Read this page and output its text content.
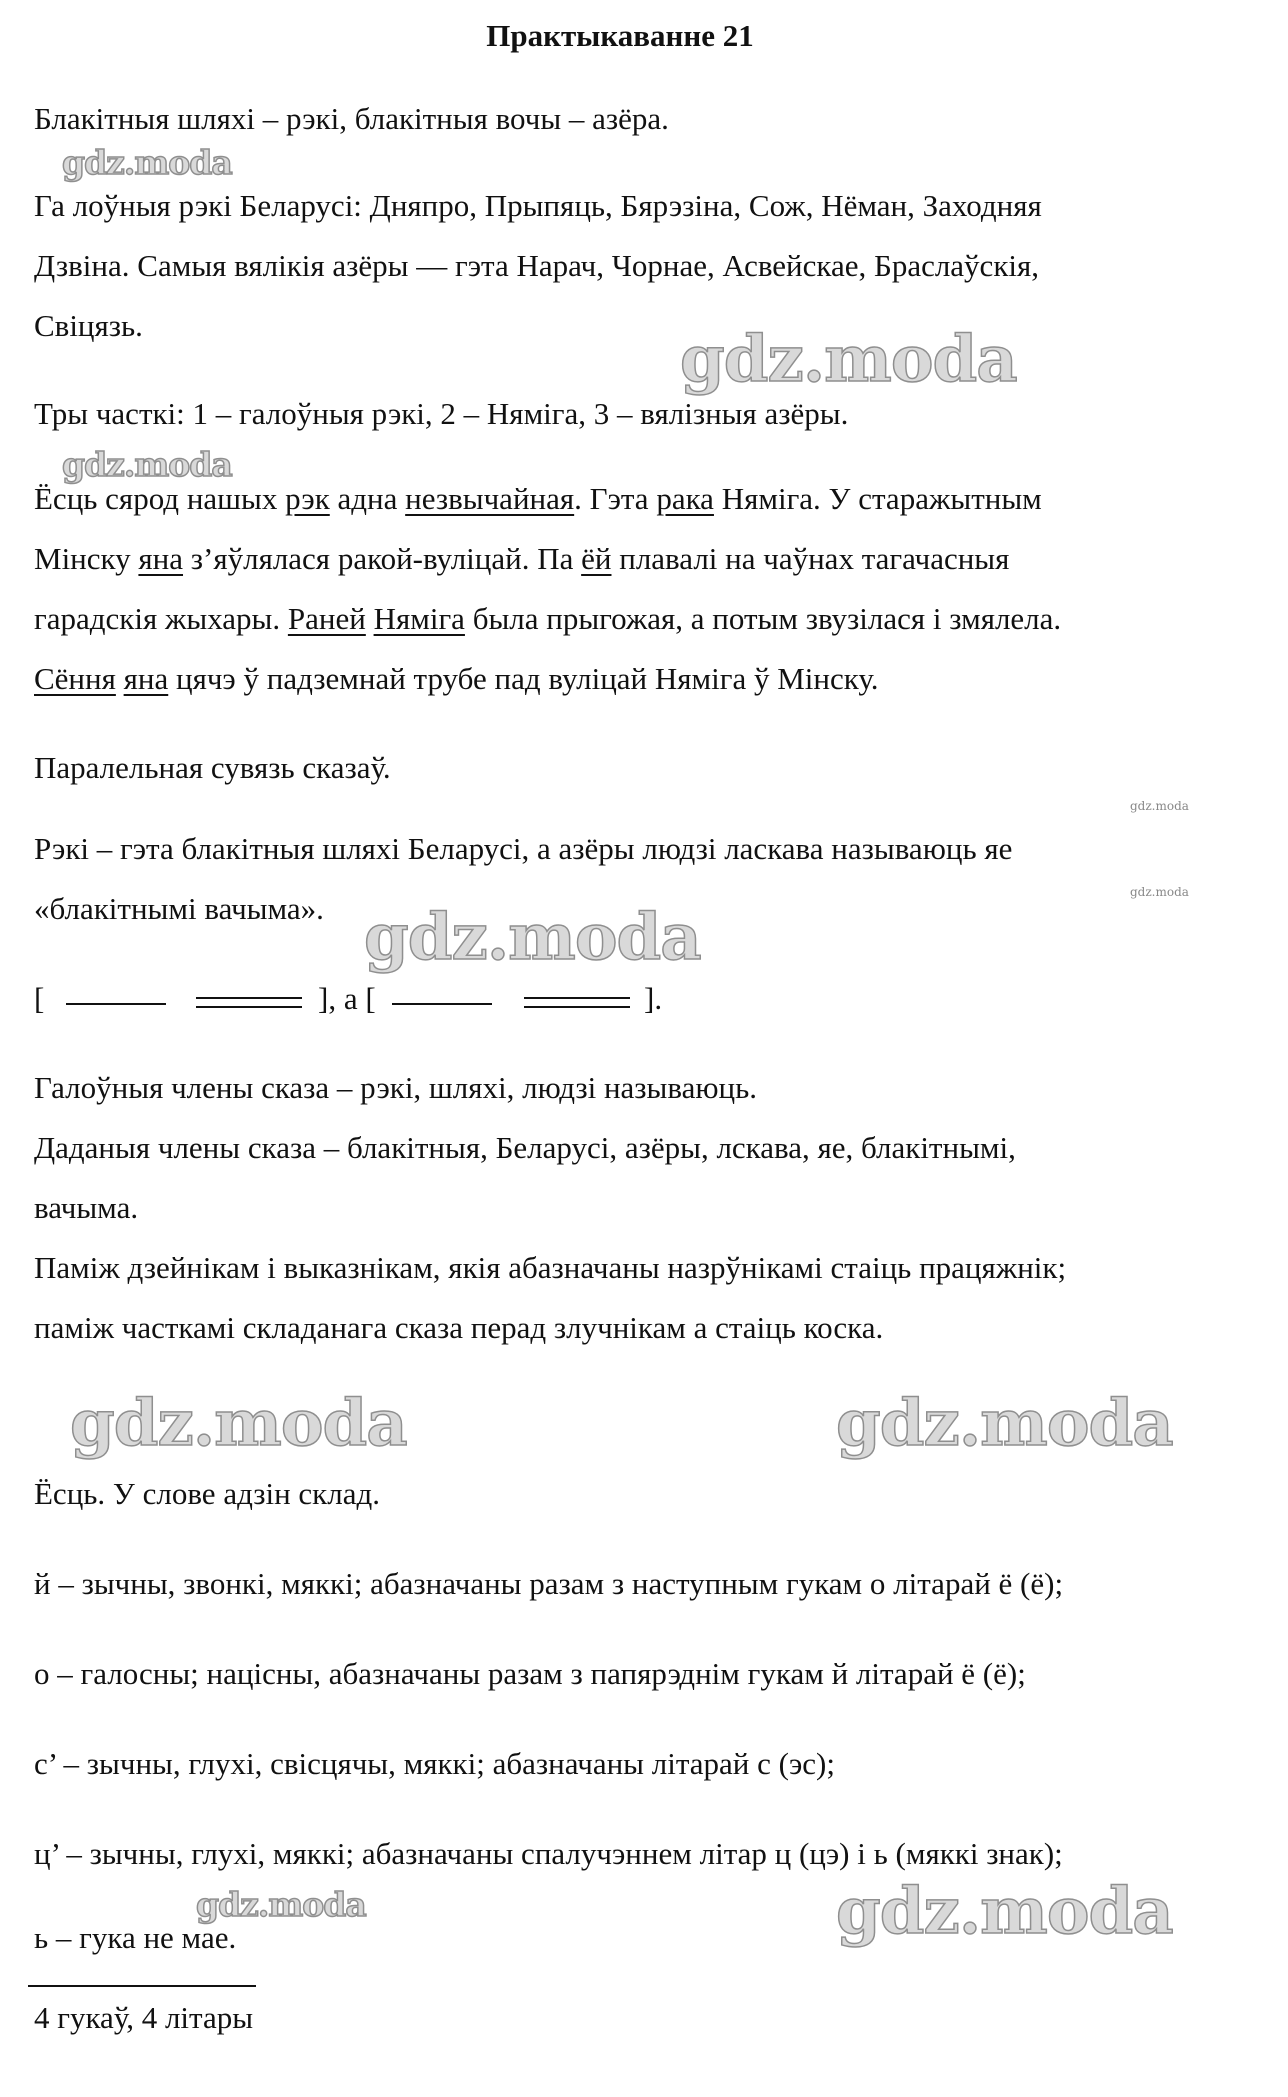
Практыкаванне 21
Блакітныя шляхі – рэкі, блакітныя вочы – азёра.
gdz.moda
Га лоўныя рэкі Беларусі: Дняпро, Прыпяць, Бярэзіна, Сож, Нёман, Заходняя
Дзвіна. Самыя вялікія азёры — гэта Нарач, Чорнае, Асвейскае, Браслаўскія,
Свіцязь.	gdz.moda
Тры часткі: 1 – галоўныя рэкі, 2 – Няміга, 3 – вялізныя азёры.
gdz.moda
Ёсць сярод нашых рэк адна незвычайная. Гэта рака Няміга. У старажытным
Мінску яна з’яўлялася ракой-вуліцай. Па ёй плавалі на чаўнах тагачасныя
гарадскія жыхары. Раней Няміга была прыгожая, а потым звузілася і змялела.
Сёння яна цячэ ў падземнай трубе пад вуліцай Няміга ў Мінску.
Паралельная сувязь сказаў.
gdz.moda
Рэкі – гэта блакітныя шляхі Беларусі, а азёры людзі ласкава называюць яе
gdz.moda
«блакітнымі вачыма». gdz.moda
[	], а [	].
Галоўныя члены сказа – рэкі, шляхі, людзі называюць.
Даданыя члены сказа – блакітныя, Беларусі, азёры, лскава, яе, блакітнымі,
вачыма.
Паміж дзейнікам і выказнікам, якія абазначаны назрўнікамі стаіць працяжнік;
паміж часткамі складанага сказа перад злучнікам а стаіць коска.
gdz.moda	gdz.moda
Ёсць. У слове адзін склад.
й – зычны, звонкі, мяккі; абазначаны разам з наступным гукам о літарай ё (ё);
о – галосны; націсны, абазначаны разам з папярэднім гукам й літарай ё (ё);
с’ – зычны, глухі, свісцячы, мяккі; абазначаны літарай с (эс);
ц’ – зычны, глухі, мяккі; абазначаны спалучэннем літар ц (цэ) і ь (мяккі знак);
gdz.moda	gdz.moda
ь – гука не мае.
4 гукаў, 4 літары
